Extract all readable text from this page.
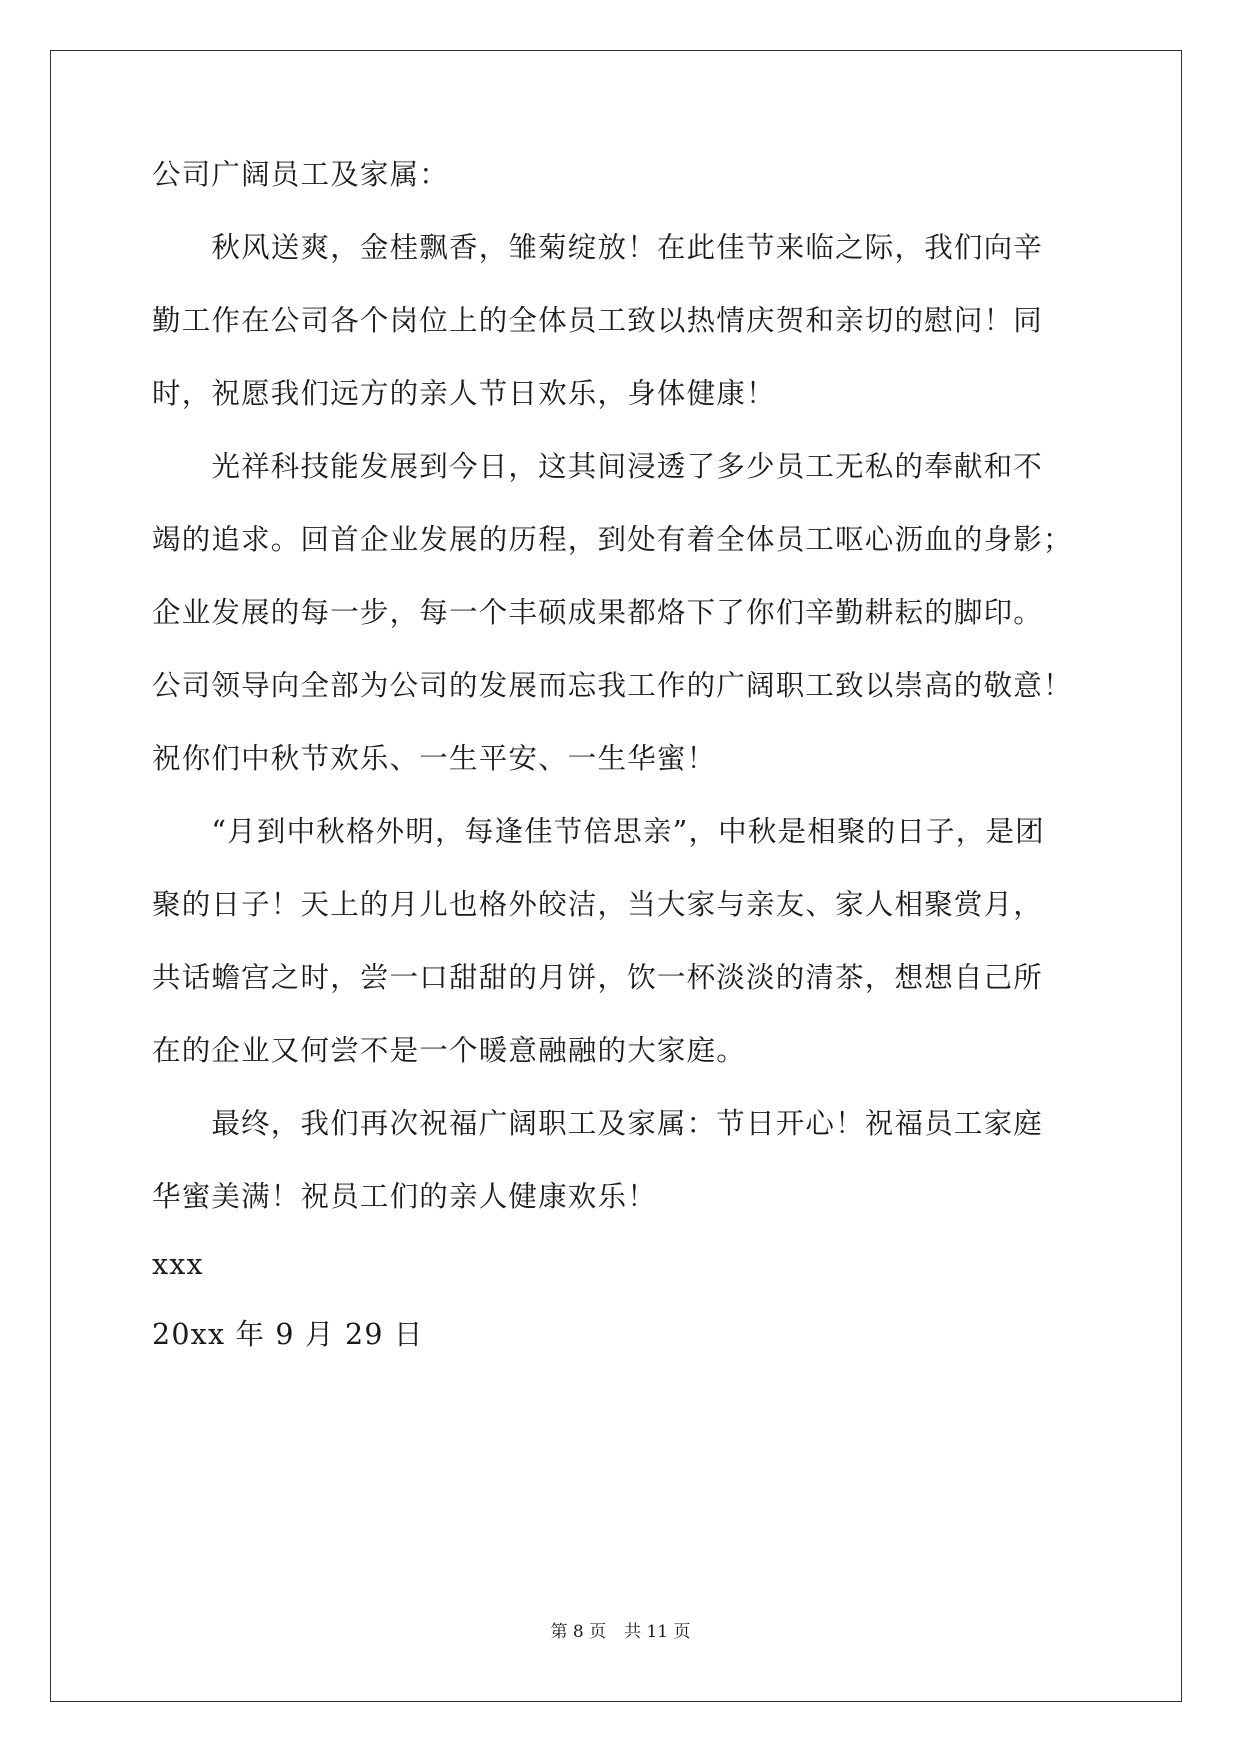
公司广阔员工及家属：
　　秋风送爽，金桂飘香，雏菊绽放！在此佳节来临之际，我们向辛
勤工作在公司各个岗位上的全体员工致以热情庆贺和亲切的慰问！同
时，祝愿我们远方的亲人节日欢乐，身体健康！
　　光祥科技能发展到今日，这其间浸透了多少员工无私的奉献和不
竭的追求。回首企业发展的历程，到处有着全体员工呕心沥血的身影；
企业发展的每一步，每一个丰硕成果都烙下了你们辛勤耕耘的脚印。
公司领导向全部为公司的发展而忘我工作的广阔职工致以崇高的敬意！
祝你们中秋节欢乐、一生平安、一生华蜜！
　　“月到中秋格外明，每逢佳节倍思亲”，中秋是相聚的日子，是团
聚的日子！天上的月儿也格外皎洁，当大家与亲友、家人相聚赏月，
共话蟾宫之时，尝一口甜甜的月饼，饮一杯淡淡的清茶，想想自己所
在的企业又何尝不是一个暖意融融的大家庭。
　　最终，我们再次祝福广阔职工及家属：节日开心！祝福员工家庭
华蜜美满！祝员工们的亲人健康欢乐！
xxx
20xx 年 9 月 29 日
第 8 页 共 11 页
